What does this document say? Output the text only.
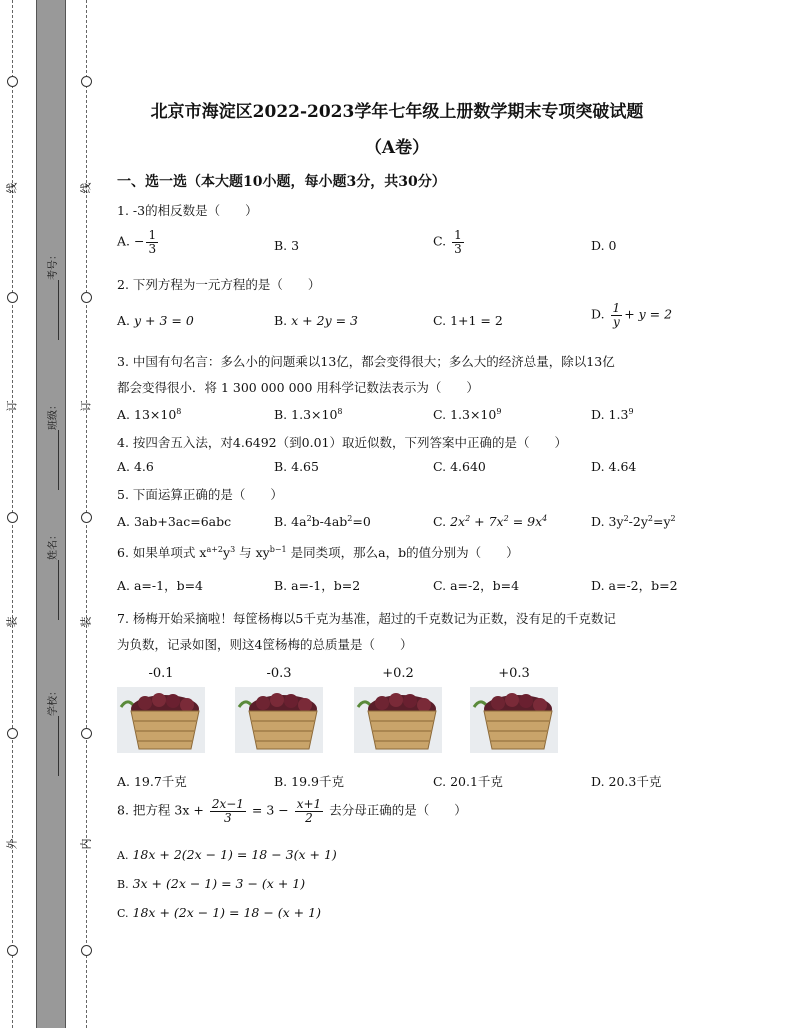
线
订
装
外
线
订
装
内
考号：
班级：
姓名：
学校：
北京市海淀区2022-2023学年七年级上册数学期末专项突破试题
（A卷）
一、选一选（本大题10小题，每小题3分，共30分）
1. -3的相反数是（　　）
A. − $\frac{1}{3}$	B. 3	C. $\frac{1}{3}$	D. 0
2. 下列方程为一元方程的是（　　）
A. y + 3 = 0	B. x + 2y = 3	C. 1+1 = 2	D. $\frac{1}{y} + y = 2$
3. 中国有句名言：多么小的问题乘以13亿，都会变得很大；多么大的经济总量，除以13亿
都会变得很小．将 1 300 000 000 用科学记数法表示为（　　）
A. $13\times 10^8$	B. $1.3\times 10^8$	C. $1.3\times 10^9$	D. $1.3^9$
4. 按四舍五入法，对4.6492（到0.01）取近似数，下列答案中正确的是（　　）
A. 4.6	B. 4.65	C. 4.640	D. 4.64
5. 下面运算正确的是（　　）
A. 3ab+3ac=6abc	B. $4a^2b-4ab^2=0$	C. $2x^2 + 7x^2 = 9x^4$	D. $3y^2-2y^2=y^2$
6. 如果单项式 $x^{a+2}y^3$ 与 $xy^{b-1}$ 是同类项，那么a，b的值分别为（　　）
A. a=-1，b=4	B. a=-1，b=2	C. a=-2，b=4	D. a=-2，b=2
7. 杨梅开始采摘啦！每筐杨梅以5千克为基准，超过的千克数记为正数，没有足的千克数记
为负数，记录如图，则这4筐杨梅的总质量是（　　）
-0.1	-0.3	+0.2	+0.3
A. 19.7千克	B. 19.9千克	C. 20.1千克	D. 20.3千克
8. 把方程 $3x + \frac{2x-1}{3} = 3 - \frac{x+1}{2}$ 去分母正确的是（　　）
A. 18x + 2(2x − 1) = 18 − 3(x + 1)
B. 3x + (2x − 1) = 3 − (x + 1)
C. 18x + (2x − 1) = 18 − (x + 1)
